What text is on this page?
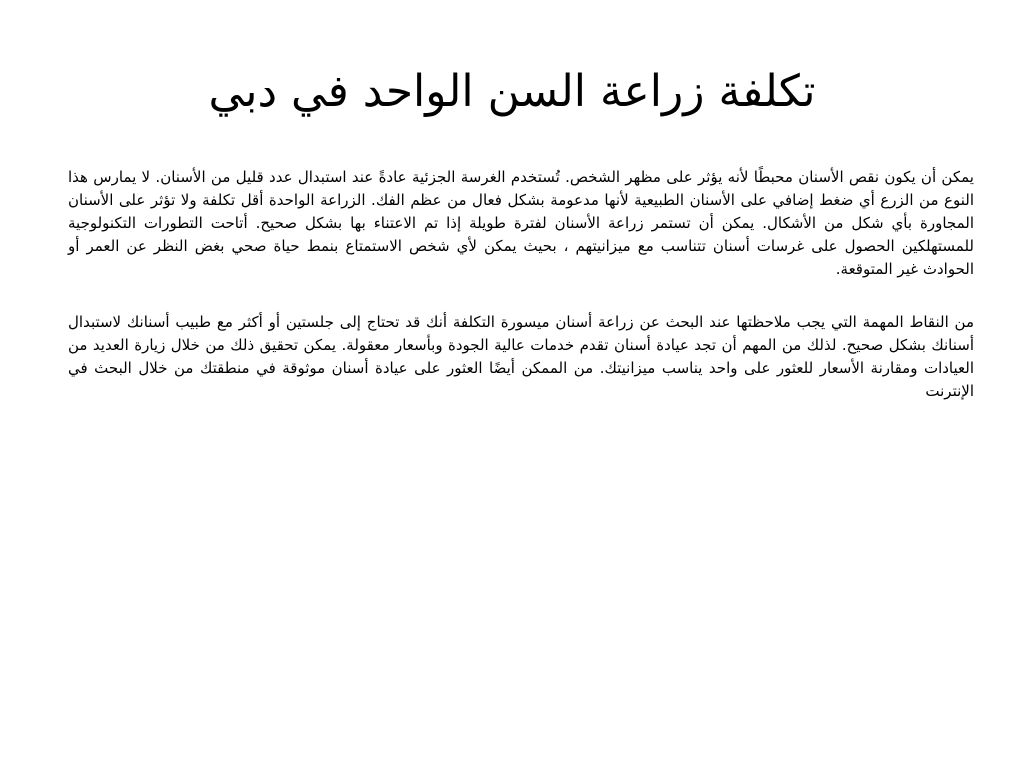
تكلفة زراعة السن الواحد في دبي

يمكن أن يكون نقص الأسنان محبطًا لأنه يؤثر على مظهر الشخص. تُستخدم الغرسة الجزئية عادةً عند استبدال عدد قليل من الأسنان. لا يمارس هذا النوع من الزرع أي ضغط إضافي على الأسنان الطبيعية لأنها مدعومة بشكل فعال من عظم الفك. الزراعة الواحدة أقل تكلفة ولا تؤثر على الأسنان المجاورة بأي شكل من الأشكال. يمكن أن تستمر زراعة الأسنان لفترة طويلة إذا تم الاعتناء بها بشكل صحيح. أتاحت التطورات التكنولوجية للمستهلكين الحصول على غرسات أسنان تتناسب مع ميزانيتهم ، بحيث يمكن لأي شخص الاستمتاع بنمط حياة صحي بغض النظر عن العمر أو الحوادث غير المتوقعة.

من النقاط المهمة التي يجب ملاحظتها عند البحث عن زراعة أسنان ميسورة التكلفة أنك قد تحتاج إلى جلستين أو أكثر مع طبيب أسنانك لاستبدال أسنانك بشكل صحيح. لذلك من المهم أن تجد عيادة أسنان تقدم خدمات عالية الجودة وبأسعار معقولة. يمكن تحقيق ذلك من خلال زيارة العديد من العيادات ومقارنة الأسعار للعثور على واحد يناسب ميزانيتك. من الممكن أيضًا العثور على عيادة أسنان موثوقة في منطقتك من خلال البحث في الإنترنت
